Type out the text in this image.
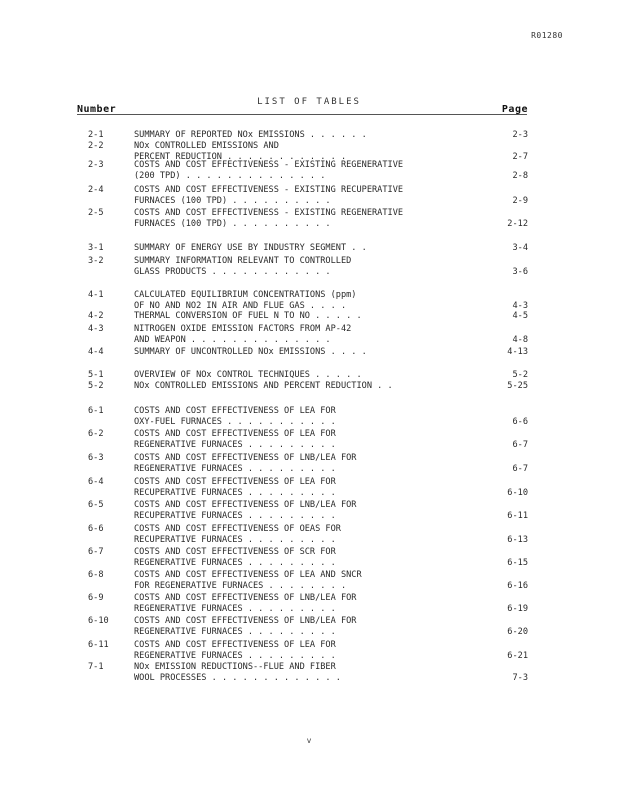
R01280
LIST OF TABLES
Number	Page
2-1	SUMMARY OF REPORTED NOx EMISSIONS . . . . . .	2-3
2-2	NOx CONTROLLED EMISSIONS AND
PERCENT REDUCTION . . . . . . . . . . . .	2-7
2-3	COSTS AND COST EFFECTIVENESS - EXISTING REGENERATIVE
(200 TPD) . . . . . . . . . . . . . .	2-8
2-4	COSTS AND COST EFFECTIVENESS - EXISTING RECUPERATIVE
FURNACES (100 TPD) . . . . . . . . . .	2-9
2-5	COSTS AND COST EFFECTIVENESS - EXISTING REGENERATIVE
FURNACES (100 TPD) . . . . . . . . . .	2-12
3-1	SUMMARY OF ENERGY USE BY INDUSTRY SEGMENT . .	3-4
3-2	SUMMARY INFORMATION RELEVANT TO CONTROLLED
GLASS PRODUCTS . . . . . . . . . . . .	3-6
4-1	CALCULATED EQUILIBRIUM CONCENTRATIONS (ppm)
OF NO AND NO2 IN AIR AND FLUE GAS . . . .	4-3
4-2	THERMAL CONVERSION OF FUEL N TO NO . . . . .	4-5
4-3	NITROGEN OXIDE EMISSION FACTORS FROM AP-42
AND WEAPON . . . . . . . . . . . . . .	4-8
4-4	SUMMARY OF UNCONTROLLED NOx EMISSIONS . . . .	4-13
5-1	OVERVIEW OF NOx CONTROL TECHNIQUES . . . . .	5-2
5-2	NOx CONTROLLED EMISSIONS AND PERCENT REDUCTION . .	5-25
6-1	COSTS AND COST EFFECTIVENESS OF LEA FOR
OXY-FUEL FURNACES . . . . . . . . . . .	6-6
6-2	COSTS AND COST EFFECTIVENESS OF LEA FOR
REGENERATIVE FURNACES . . . . . . . . .	6-7
6-3	COSTS AND COST EFFECTIVENESS OF LNB/LEA FOR
REGENERATIVE FURNACES . . . . . . . . .	6-7
6-4	COSTS AND COST EFFECTIVENESS OF LEA FOR
RECUPERATIVE FURNACES . . . . . . . . .	6-10
6-5	COSTS AND COST EFFECTIVENESS OF LNB/LEA FOR
RECUPERATIVE FURNACES . . . . . . . . .	6-11
6-6	COSTS AND COST EFFECTIVENESS OF OEAS FOR
RECUPERATIVE FURNACES . . . . . . . . .	6-13
6-7	COSTS AND COST EFFECTIVENESS OF SCR FOR
REGENERATIVE FURNACES . . . . . . . . .	6-15
6-8	COSTS AND COST EFFECTIVENESS OF LEA AND SNCR
FOR REGENERATIVE FURNACES . . . . . . . .	6-16
6-9	COSTS AND COST EFFECTIVENESS OF LNB/LEA FOR
REGENERATIVE FURNACES . . . . . . . . .	6-19
6-10	COSTS AND COST EFFECTIVENESS OF LNB/LEA FOR
REGENERATIVE FURNACES . . . . . . . . .	6-20
6-11	COSTS AND COST EFFECTIVENESS OF LEA FOR
REGENERATIVE FURNACES . . . . . . . . .	6-21
7-1	NOx EMISSION REDUCTIONS--FLUE AND FIBER
WOOL PROCESSES . . . . . . . . . . . . .	7-3
v
